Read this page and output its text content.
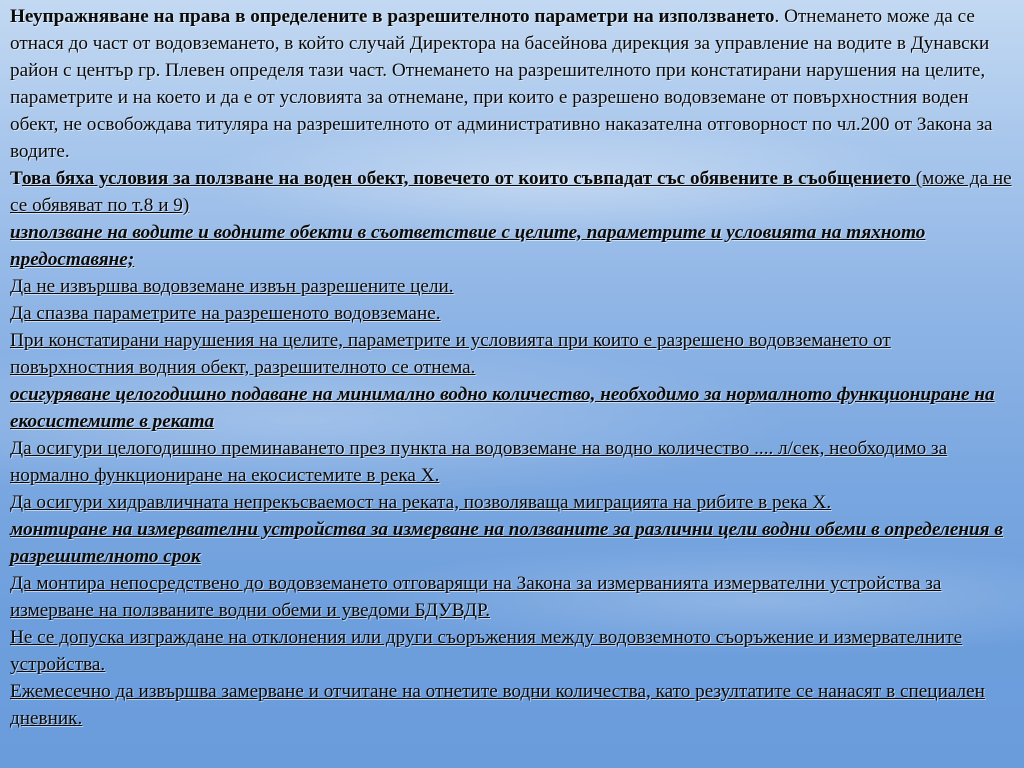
Неупражняване на права в определените в разрешителното параметри на използването. Отнемането може да се отнася до част от водовземането, в който случай Директора на басейнова дирекция за управление на водите в Дунавски район с център гр. Плевен определя тази част. Отнемането на разрешителното при констатирани нарушения на целите, параметрите и на което и да е от условията за отнемане, при които е разрешено водовземане от повърхностния воден обект, не освобождава титуляра на разрешителното от административно наказателна отговорност по чл.200 от Закона за водите.

Това бяха условия за ползване на воден обект, повечето от които съвпадат със обявените в съобщението (може да не се обявяват по т.8 и 9)

използване на водите и водните обекти в съответствие с целите, параметрите и условията на тяхното предоставяне;

Да не извършва водовземане извън разрешените цели.

Да спазва параметрите на разрешеното водовземане.

При констатирани нарушения на целите, параметрите и условията при които е разрешено водовземането от повърхностния водния обект, разрешителното се отнема.

осигуряване целогодишно подаване на минимално водно количество, необходимо за нормалното функциониране на екосистемите в реката

Да осигури целогодишно преминаването през пункта на водовземане на водно количество .... л/сек, необходимо за нормално функциониране на екосистемите в река Х.

Да осигури хидравличната непрекъсваемост на реката, позволяваща миграцията на рибите в река Х.

монтиране на измервателни устройства за измерване на ползваните за различни цели водни обеми в определения в разрешителното срок

Да монтира непосредствено до водовземането отговарящи на Закона за измерванията измервателни устройства за измерване на ползваните водни обеми и уведоми БДУВДР.

Не се допуска изграждане на отклонения или други съоръжения между водовземното съоръжение и измервателните устройства.

Ежемесечно да извършва замерване и отчитане на отнетите водни количества, като резултатите се нанасят в специален дневник.
